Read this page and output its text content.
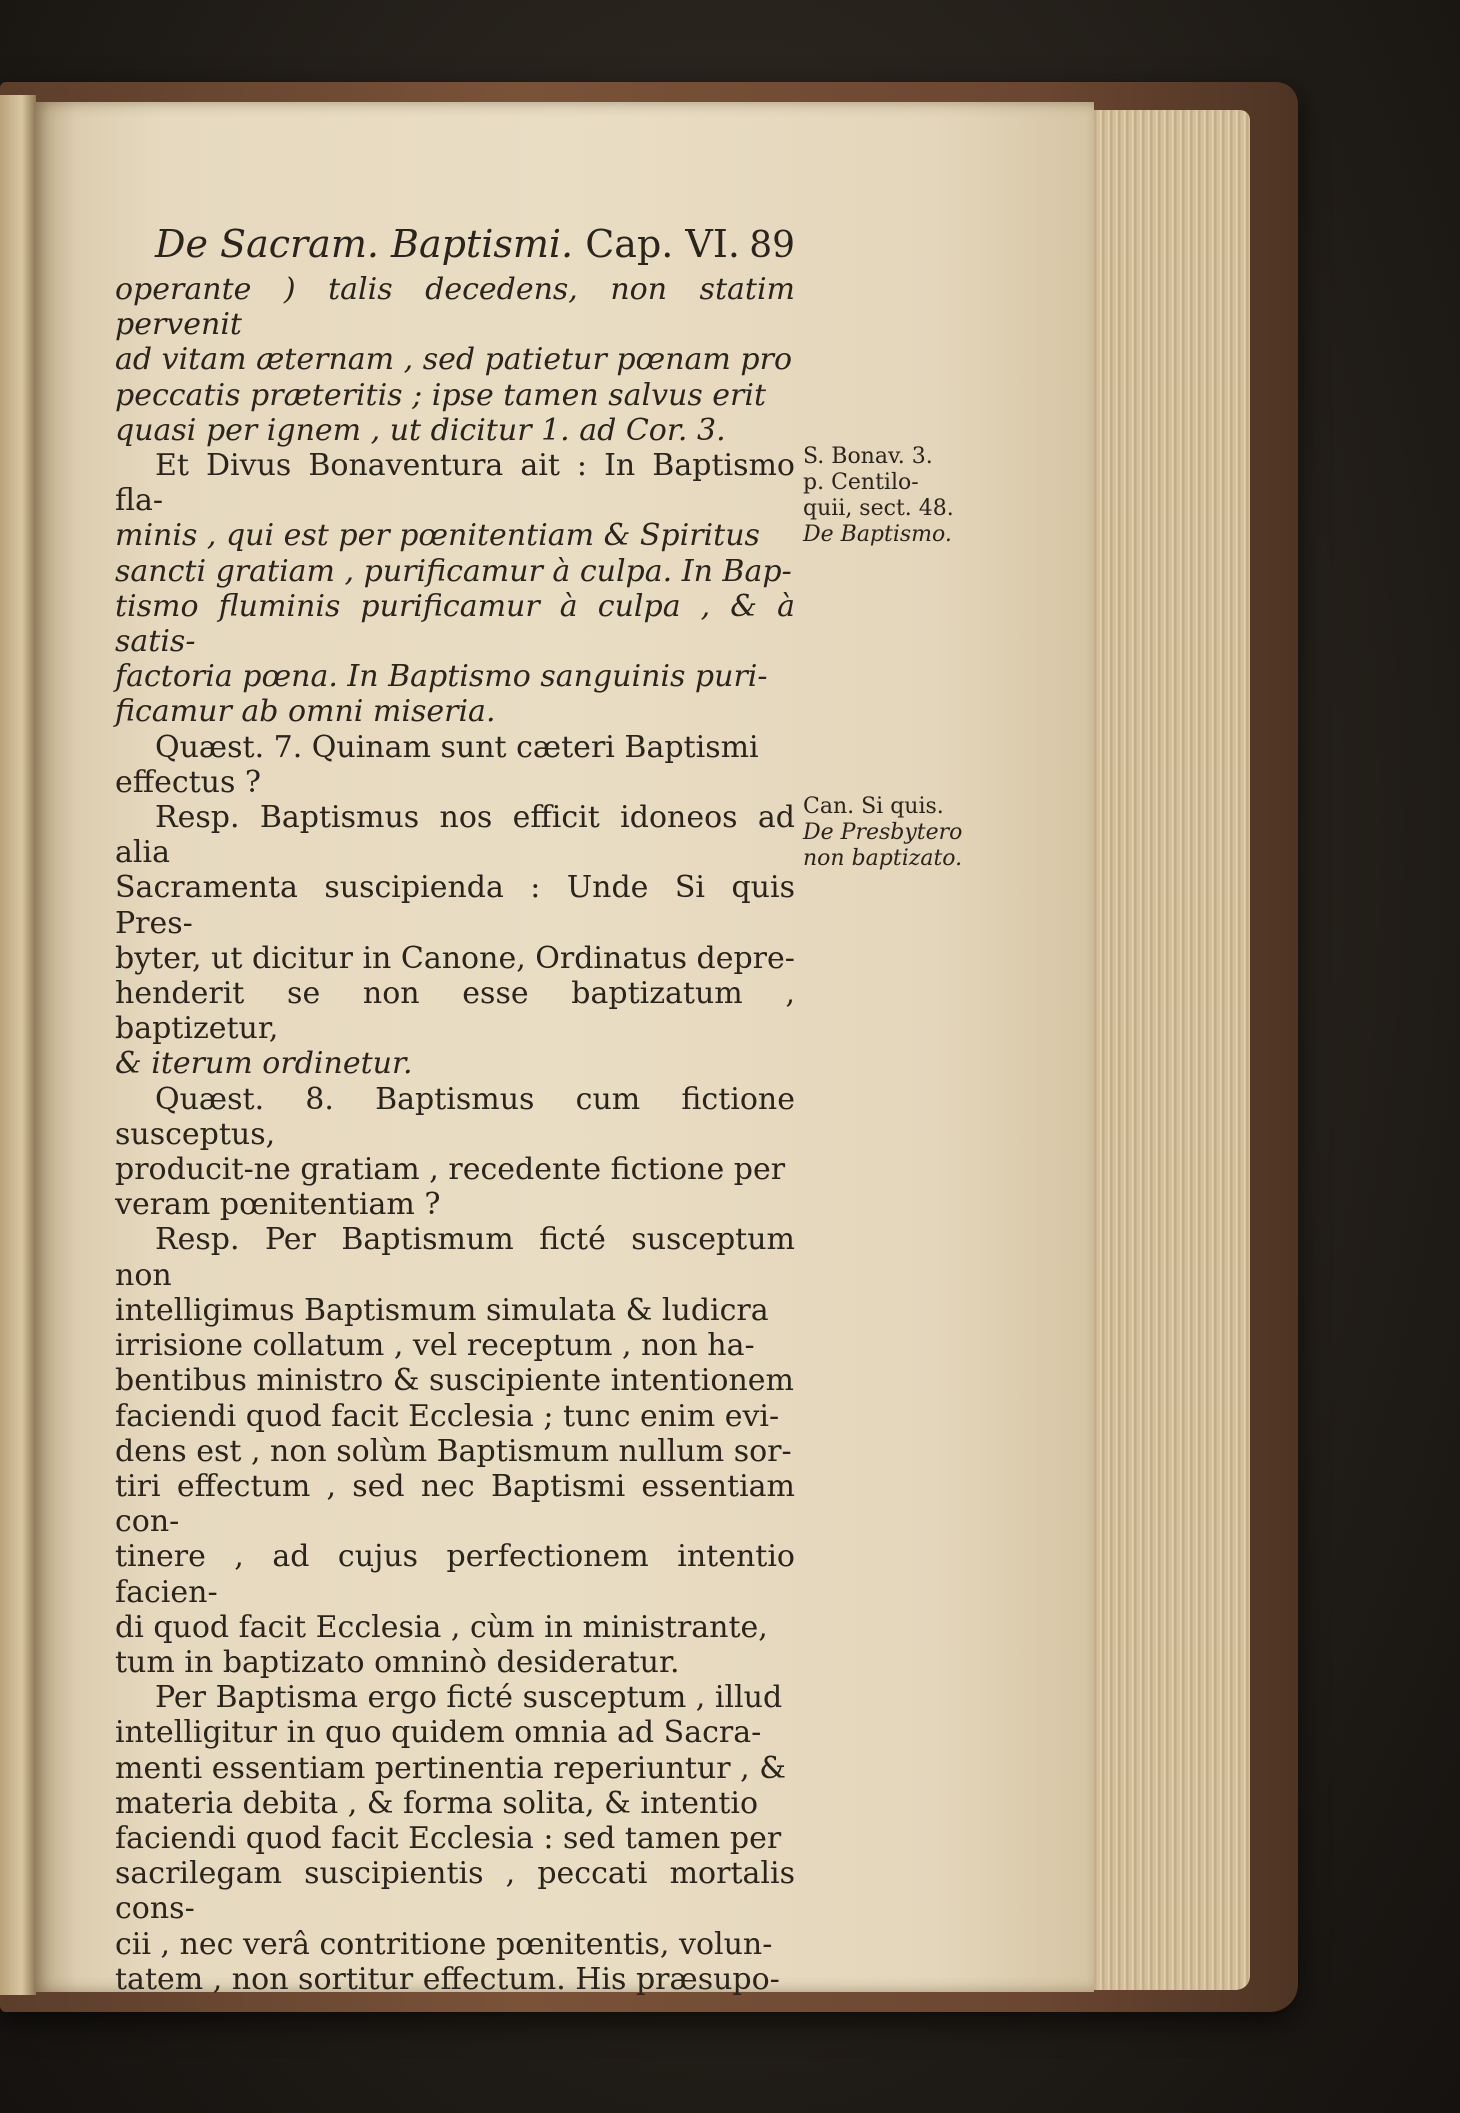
De Sacram. Baptismi. Cap. VI. 89

operante ) talis decedens, non statim pervenit

ad vitam æternam , sed patietur pœnam pro

peccatis præteritis ; ipse tamen salvus erit

quasi per ignem , ut dicitur 1. ad Cor. 3.

Et Divus Bonaventura ait : In Baptismo fla-

minis , qui est per pœnitentiam & Spiritus

sancti gratiam , purificamur à culpa. In Bap-

tismo fluminis purificamur à culpa , & à satis-

factoria pœna. In Baptismo sanguinis puri-

ficamur ab omni miseria.

Quæst. 7. Quinam sunt cæteri Baptismi

effectus ?

Resp. Baptismus nos efficit idoneos ad alia

Sacramenta suscipienda : Unde Si quis Pres-

byter, ut dicitur in Canone, Ordinatus depre-

henderit se non esse baptizatum , baptizetur,

& iterum ordinetur.

Quæst. 8. Baptismus cum fictione susceptus,

producit-ne gratiam , recedente fictione per

veram pœnitentiam ?

Resp. Per Baptismum ficté susceptum non

intelligimus Baptismum simulata & ludicra

irrisione collatum , vel receptum , non ha-

bentibus ministro & suscipiente intentionem

faciendi quod facit Ecclesia ; tunc enim evi-

dens est , non solùm Baptismum nullum sor-

tiri effectum , sed nec Baptismi essentiam con-

tinere , ad cujus perfectionem intentio facien-

di quod facit Ecclesia , cùm in ministrante,

tum in baptizato omninò desideratur.

Per Baptisma ergo ficté susceptum , illud

intelligitur in quo quidem omnia ad Sacra-

menti essentiam pertinentia reperiuntur , &

materia debita , & forma solita, & intentio

faciendi quod facit Ecclesia : sed tamen per

sacrilegam suscipientis , peccati mortalis cons-

cii , nec verâ contritione pœnitentis, volun-

tatem , non sortitur effectum. His præsupo-

S. Bonav. 3.
p. Centilo-
quii, sect. 48.
De Baptismo.
Can. Si quis.
De Presbytero
non baptizato.
